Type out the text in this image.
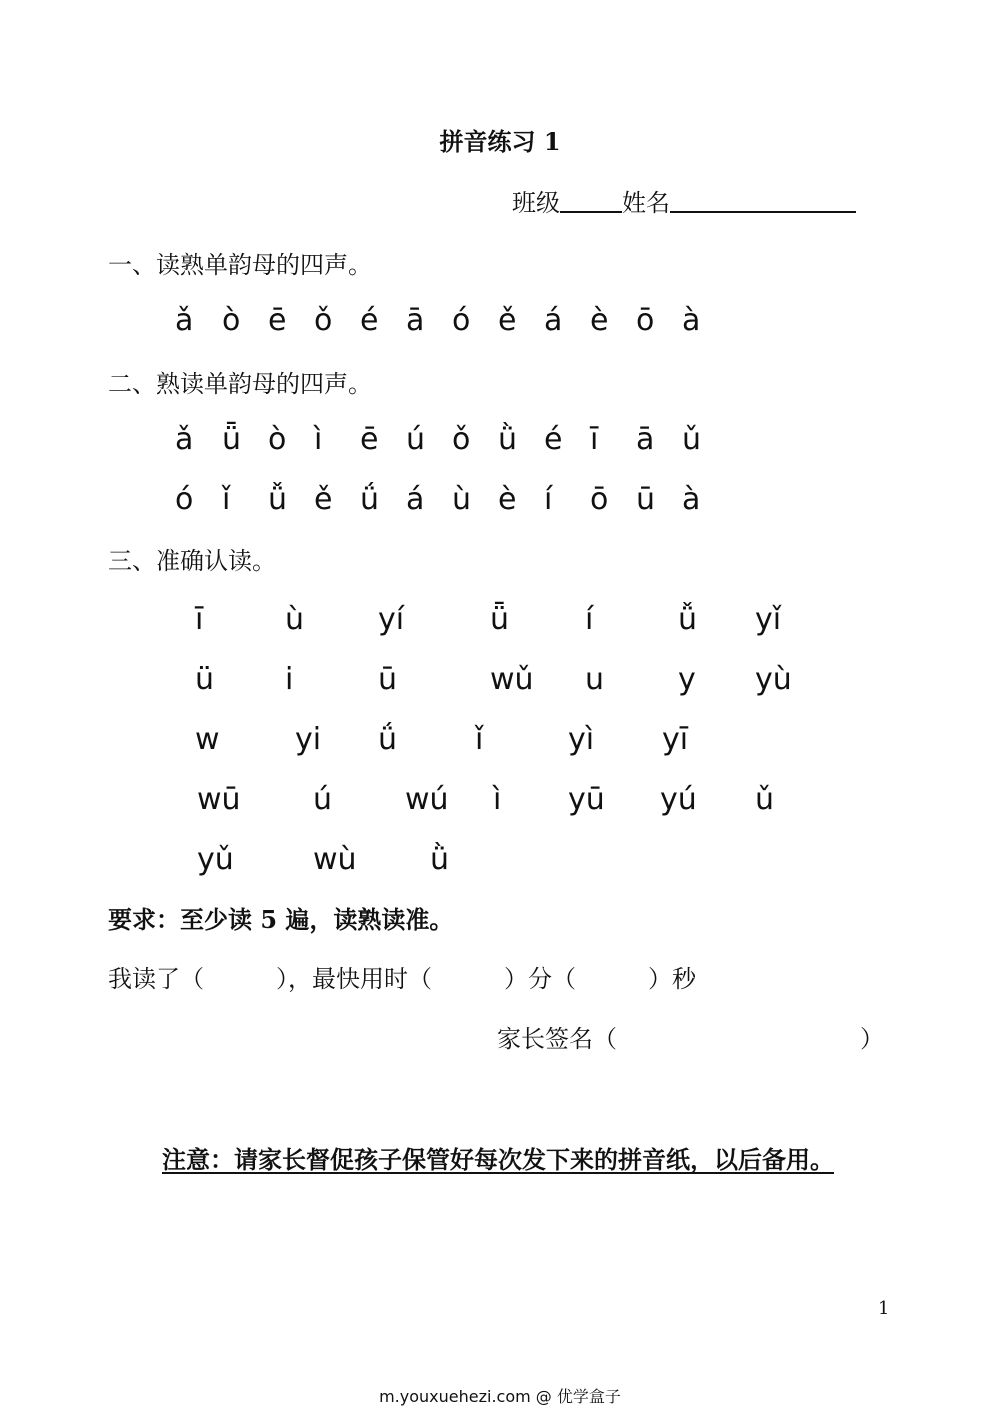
拼音练习 1
班级	姓名
一、读熟单韵母的四声。
ǎ ò ē ǒ é ā ó ě á è ō à
二、熟读单韵母的四声。
ǎ ǖ ò ì ē ú ǒ ǜ é ī ā ǔ
ó ǐ ǚ ě ǘ á ù è í ō ū à
三、准确认读。
ī	ù yí	ǖ	í	ǚ yǐ
ü i	ū	wǔ u y yù
w	yi ǘ	ǐ	yì yī
wū ú wú ì yū yú ǔ
yǔ	wù ǜ
要求：至少读 5 遍，读熟读准。
我读了（　　　），最快用时（　　　）分（　　　）秒
家长签名（	）
注意：请家长督促孩子保管好每次发下来的拼音纸，以后备用。
1
m.youxuehezi.com @ 优学盒子
